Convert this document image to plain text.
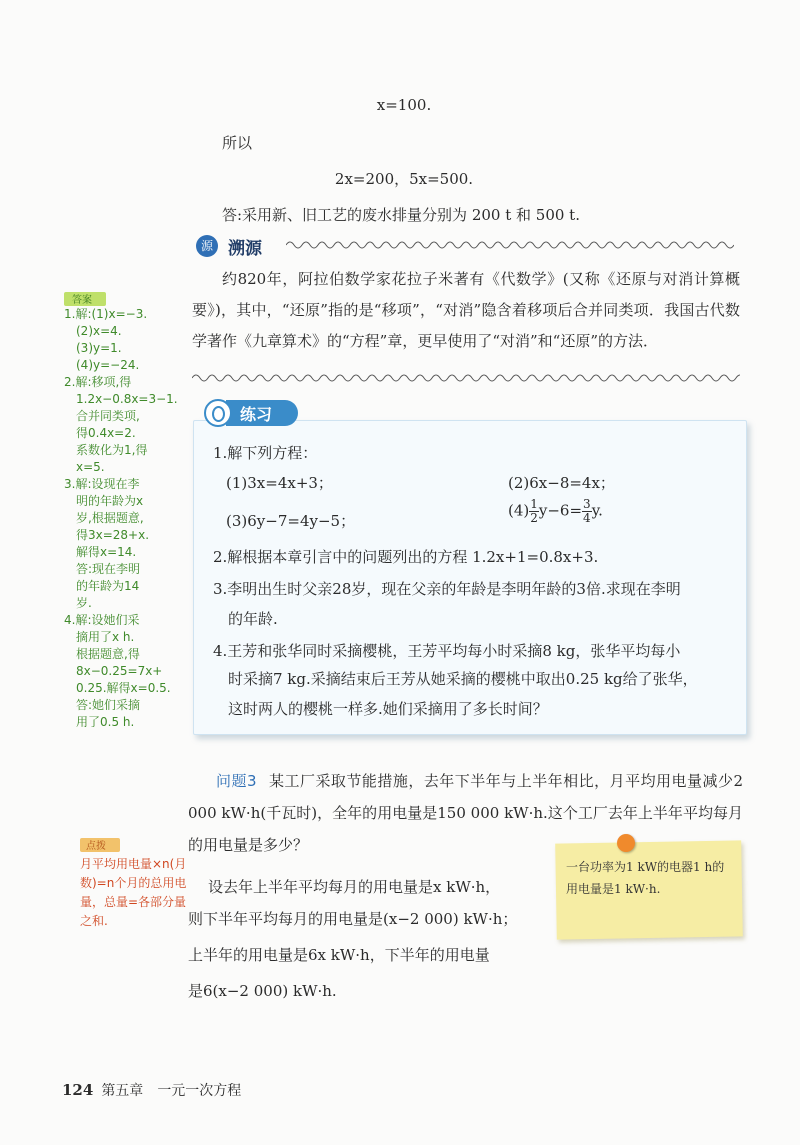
x=100.
所以
2x=200，5x=500.
答:采用新、旧工艺的废水排量分别为 200 t 和 500 t.
源 溯源
约820年，阿拉伯数学家花拉子米著有《代数学》(又称《还原与对消计算概要》)，其中，“还原”指的是“移项”，“对消”隐含着移项后合并同类项．我国古代数学著作《九章算术》的“方程”章，更早使用了“对消”和“还原”的方法．
答案
1.解:(1)x=−3.
(2)x=4.
(3)y=1.
(4)y=−24.
2.解:移项,得
1.2x−0.8x=3−1.
合并同类项,
得0.4x=2.
系数化为1,得
x=5.
3.解:设现在李
明的年龄为x
岁,根据题意,
得3x=28+x.
解得x=14.
答:现在李明
的年龄为14
岁.
4.解:设她们采
摘用了x h.
根据题意,得
8x−0.25=7x+
0.25.解得x=0.5.
答:她们采摘
用了0.5 h.
练习
1.解下列方程：
(1)3x=4x+3；	(2)6x−8=4x；
(3)6y−7=4y−5；
$(4) \frac{1}{2} y-6= \frac{3}{4} y$.
2.解根据本章引言中的问题列出的方程 1.2x+1=0.8x+3.
3.李明出生时父亲28岁，现在父亲的年龄是李明年龄的3倍.求现在李明
的年龄.
4.王芳和张华同时采摘樱桃，王芳平均每小时采摘8 kg，张华平均每小
时采摘7 kg.采摘结束后王芳从她采摘的樱桃中取出0.25 kg给了张华，
这时两人的樱桃一样多.她们采摘用了多长时间？
问题3 某工厂采取节能措施，去年下半年与上半年相比，月平均用电量减少2 000 kW·h(千瓦时)，全年的用电量是150 000 kW·h.这个工厂去年上半年平均每月的用电量是多少？
设去年上半年平均每月的用电量是x kW·h，
则下半年平均每月的用电量是(x−2 000) kW·h；
上半年的用电量是6x kW·h，下半年的用电量
是6(x−2 000) kW·h.
点拨
月平均用电量×n(月数)=n个月的总用电量，总量=各部分量之和.
一台功率为1 kW的电器1 h的用电量是1 kW·h.
124 第五章 一元一次方程
